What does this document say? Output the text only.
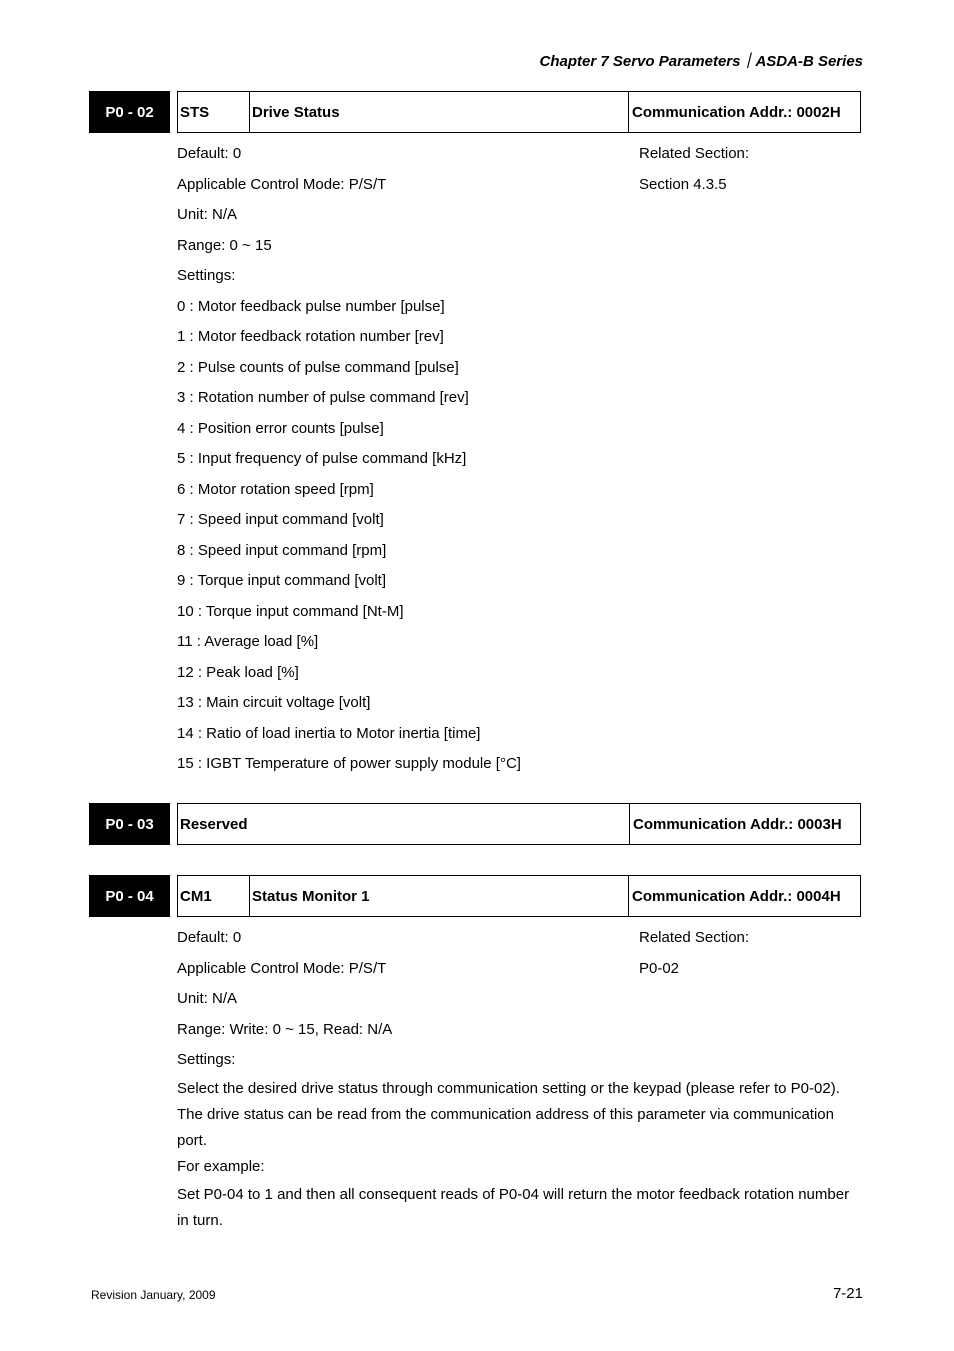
Chapter 7 Servo Parameters｜ASDA-B Series
P0 - 02	STS	Drive Status	Communication Addr.: 0002H
Default: 0
Applicable Control Mode: P/S/T
Unit: N/A
Range: 0 ~ 15
Settings:
0 : Motor feedback pulse number [pulse]
1 : Motor feedback rotation number [rev]
2 : Pulse counts of pulse command [pulse]
3 : Rotation number of pulse command [rev]
4 : Position error counts [pulse]
5 : Input frequency of pulse command [kHz]
6 : Motor rotation speed [rpm]
7 : Speed input command [volt]
8 : Speed input command [rpm]
9 : Torque input command [volt]
10 : Torque input command [Nt-M]
11 : Average load [%]
12 : Peak load [%]
13 : Main circuit voltage [volt]
14 : Ratio of load inertia to Motor inertia [time]
15 : IGBT Temperature of power supply module [°C]
Related Section:
Section 4.3.5
P0 - 03	Reserved	Communication Addr.: 0003H
P0 - 04	CM1	Status Monitor 1	Communication Addr.: 0004H
Default: 0
Applicable Control Mode: P/S/T
Unit: N/A
Range: Write: 0 ~ 15, Read: N/A
Settings:

Select the desired drive status through communication setting or the keypad (please refer to P0-02). The drive status can be read from the communication address of this parameter via communication port.

For example:

Set P0-04 to 1 and then all consequent reads of P0-04 will return the motor feedback rotation number in turn.

Related Section:
P0-02
Revision January, 2009	7-21
